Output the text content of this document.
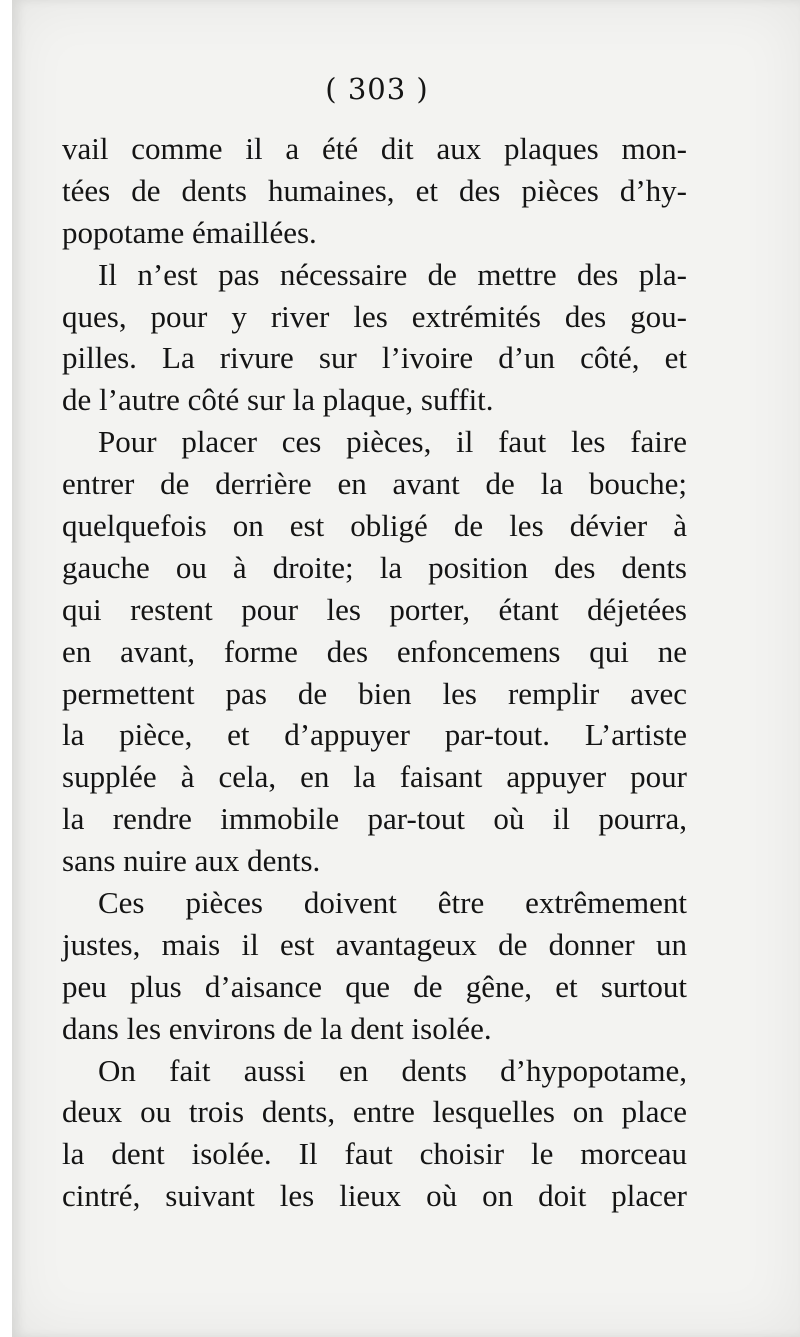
( 303 )
vail comme il a été dit aux plaques mon-
tées de dents humaines, et des pièces d’hy-
popotame émaillées.
Il n’est pas nécessaire de mettre des pla-
ques, pour y river les extrémités des gou-
pilles. La rivure sur l’ivoire d’un côté, et
de l’autre côté sur la plaque, suffit.
Pour placer ces pièces, il faut les faire
entrer de derrière en avant de la bouche;
quelquefois on est obligé de les dévier à
gauche ou à droite; la position des dents
qui restent pour les porter, étant déjetées
en avant, forme des enfoncemens qui ne
permettent pas de bien les remplir avec
la pièce, et d’appuyer par-tout. L’artiste
supplée à cela, en la faisant appuyer pour
la rendre immobile par-tout où il pourra,
sans nuire aux dents.
Ces pièces doivent être extrêmement
justes, mais il est avantageux de donner un
peu plus d’aisance que de gêne, et surtout
dans les environs de la dent isolée.
On fait aussi en dents d’hypopotame,
deux ou trois dents, entre lesquelles on place
la dent isolée. Il faut choisir le morceau
cintré, suivant les lieux où on doit placer
